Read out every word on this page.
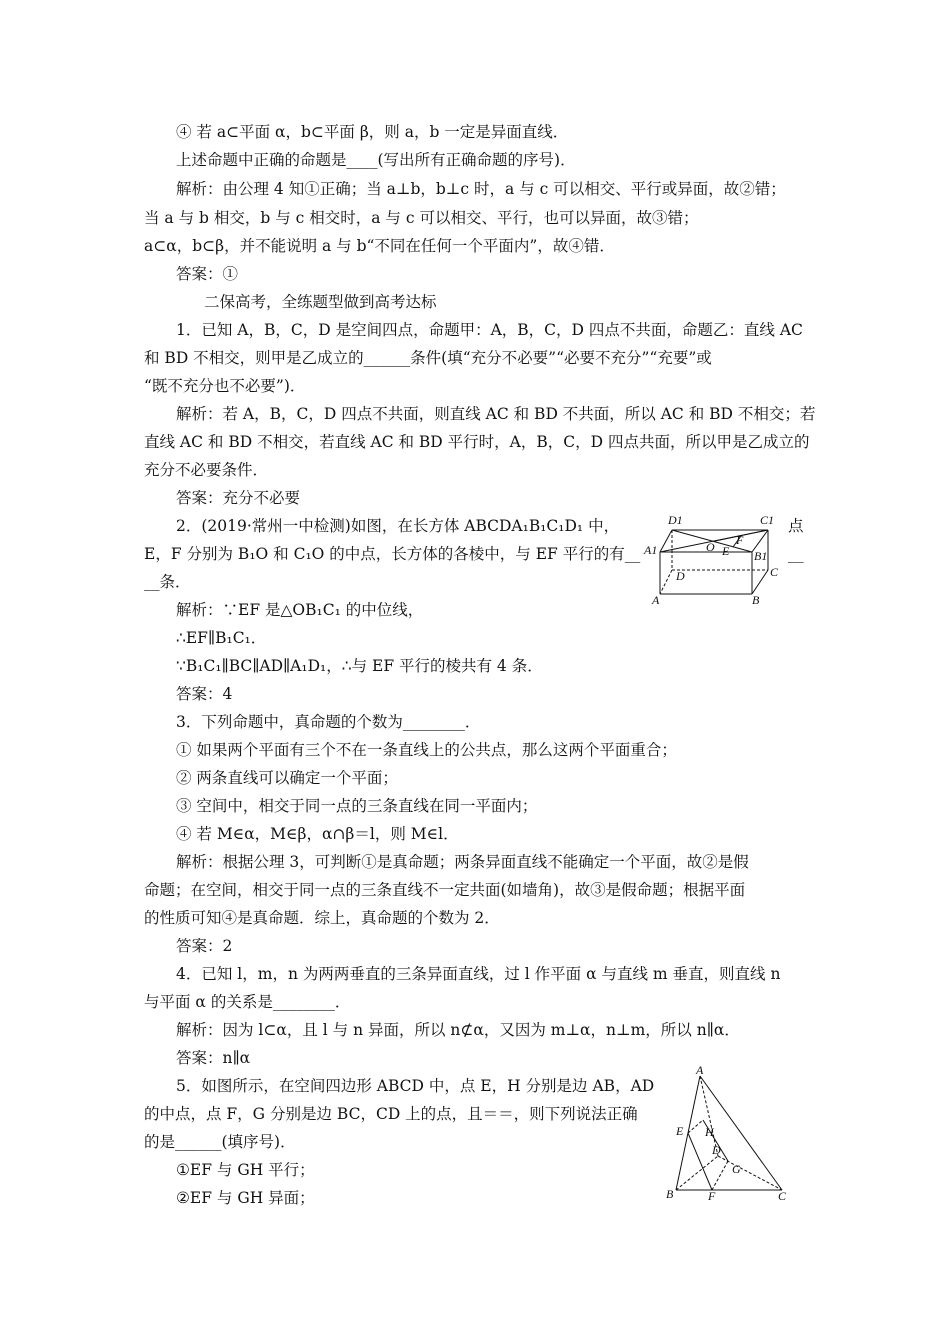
④ 若 a⊂平面 α，b⊂平面 β，则 a，b 一定是异面直线．
上述命题中正确的命题是____(写出所有正确命题的序号)．
解析：由公理 4 知①正确；当 a⊥b，b⊥c 时，a 与 c 可以相交、平行或异面，故②错；
当 a 与 b 相交，b 与 c 相交时，a 与 c 可以相交、平行，也可以异面，故③错；
a⊂α，b⊂β，并不能说明 a 与 b“不同在任何一个平面内”，故④错．
答案：①
二保高考，全练题型做到高考达标
1．已知 A，B，C，D 是空间四点，命题甲：A，B，C，D 四点不共面，命题乙：直线 AC
和 BD 不相交，则甲是乙成立的______条件(填“充分不必要”“必要不充分”“充要”或
“既不充分也不必要”)．
解析：若 A，B，C，D 四点不共面，则直线 AC 和 BD 不共面，所以 AC 和 BD 不相交；若
直线 AC 和 BD 不相交，若直线 AC 和 BD 平行时，A，B，C，D 四点共面，所以甲是乙成立的
充分不必要条件．
答案：充分不必要
2．(2019·常州一中检测)如图，在长方体 ABCDA₁B₁C₁D₁ 中，	点
E，F 分别为 B₁O 和 C₁O 的中点，长方体的各棱中，与 EF 平行的有__	__
__条．
解析：∵EF 是△OB₁C₁ 的中位线，
∴EF∥B₁C₁．
∵B₁C₁∥BC∥AD∥A₁D₁，∴与 EF 平行的棱共有 4 条．
答案：4
3．下列命题中，真命题的个数为________．
① 如果两个平面有三个不在一条直线上的公共点，那么这两个平面重合；
② 两条直线可以确定一个平面；
③ 空间中，相交于同一点的三条直线在同一平面内；
④ 若 M∈α，M∈β，α∩β＝l，则 M∈l．
解析：根据公理 3，可判断①是真命题；两条异面直线不能确定一个平面，故②是假
命题；在空间，相交于同一点的三条直线不一定共面(如墙角)，故③是假命题；根据平面
的性质可知④是真命题．综上，真命题的个数为 2．
答案：2
4．已知 l，m，n 为两两垂直的三条异面直线，过 l 作平面 α 与直线 m 垂直，则直线 n
与平面 α 的关系是________．
解析：因为 l⊂α，且 l 与 n 异面，所以 n⊄α，又因为 m⊥α，n⊥m，所以 n∥α．
答案：n∥α
5．如图所示，在空间四边形 ABCD 中，点 E，H 分别是边 AB，AD
的中点，点 F，G 分别是边 BC，CD 上的点，且＝＝，则下列说法正确
的是______(填序号)．
①EF 与 GH 平行；
②EF 与 GH 异面；
D1	C1
A1	O E
F
B1
D	C
A	B
A
E H
D
G
B	F	C
